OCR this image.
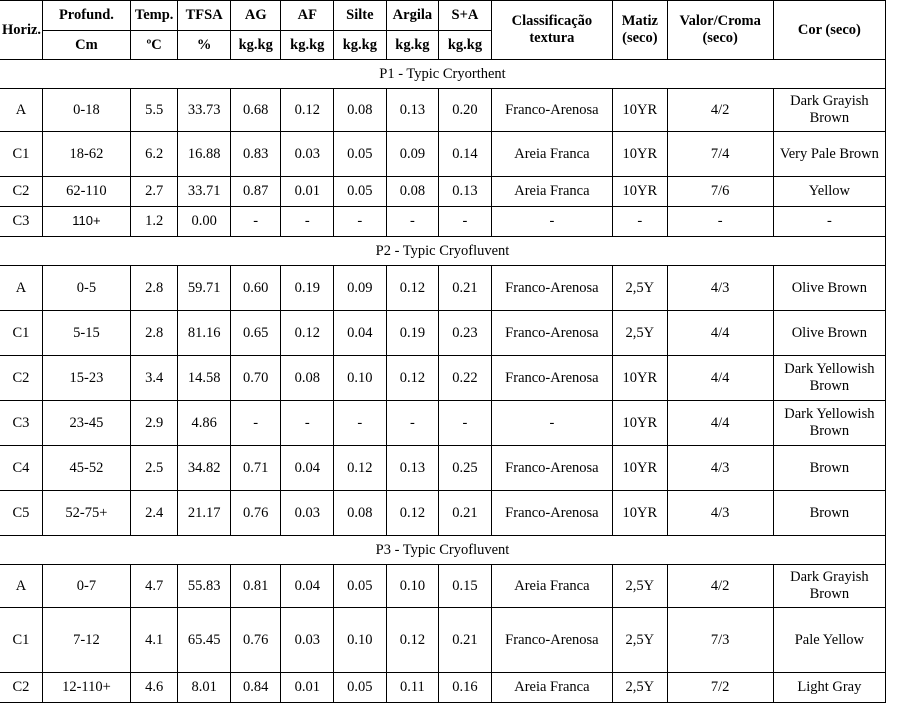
Horiz.	Profund.	Temp.	TFSA	AG	AF	Silte	Argila	S+A	Classificação textura	Matiz (seco)	Valor/Croma (seco)	Cor (seco)
	Cm	ºC	%	kg.kg	kg.kg	kg.kg	kg.kg	kg.kg				
P1 - Typic Cryorthent												
A	0-18	5.5	33.73	0.68	0.12	0.08	0.13	0.20	Franco-Arenosa	10YR	4/2	Dark Grayish Brown
C1	18-62	6.2	16.88	0.83	0.03	0.05	0.09	0.14	Areia Franca	10YR	7/4	Very Pale Brown
C2	62-110	2.7	33.71	0.87	0.01	0.05	0.08	0.13	Areia Franca	10YR	7/6	Yellow
C3	110+	1.2	0.00	-	-	-	-	-	-	-	-	-
P2 - Typic Cryofluvent												
A	0-5	2.8	59.71	0.60	0.19	0.09	0.12	0.21	Franco-Arenosa	2,5Y	4/3	Olive Brown
C1	5-15	2.8	81.16	0.65	0.12	0.04	0.19	0.23	Franco-Arenosa	2,5Y	4/4	Olive Brown
C2	15-23	3.4	14.58	0.70	0.08	0.10	0.12	0.22	Franco-Arenosa	10YR	4/4	Dark Yellowish Brown
C3	23-45	2.9	4.86	-	-	-	-	-	-	10YR	4/4	Dark Yellowish Brown
C4	45-52	2.5	34.82	0.71	0.04	0.12	0.13	0.25	Franco-Arenosa	10YR	4/3	Brown
C5	52-75+	2.4	21.17	0.76	0.03	0.08	0.12	0.21	Franco-Arenosa	10YR	4/3	Brown
P3 - Typic Cryofluvent												
A	0-7	4.7	55.83	0.81	0.04	0.05	0.10	0.15	Areia Franca	2,5Y	4/2	Dark Grayish Brown
C1	7-12	4.1	65.45	0.76	0.03	0.10	0.12	0.21	Franco-Arenosa	2,5Y	7/3	Pale Yellow
C2	12-110+	4.6	8.01	0.84	0.01	0.05	0.11	0.16	Areia Franca	2,5Y	7/2	Light Gray
